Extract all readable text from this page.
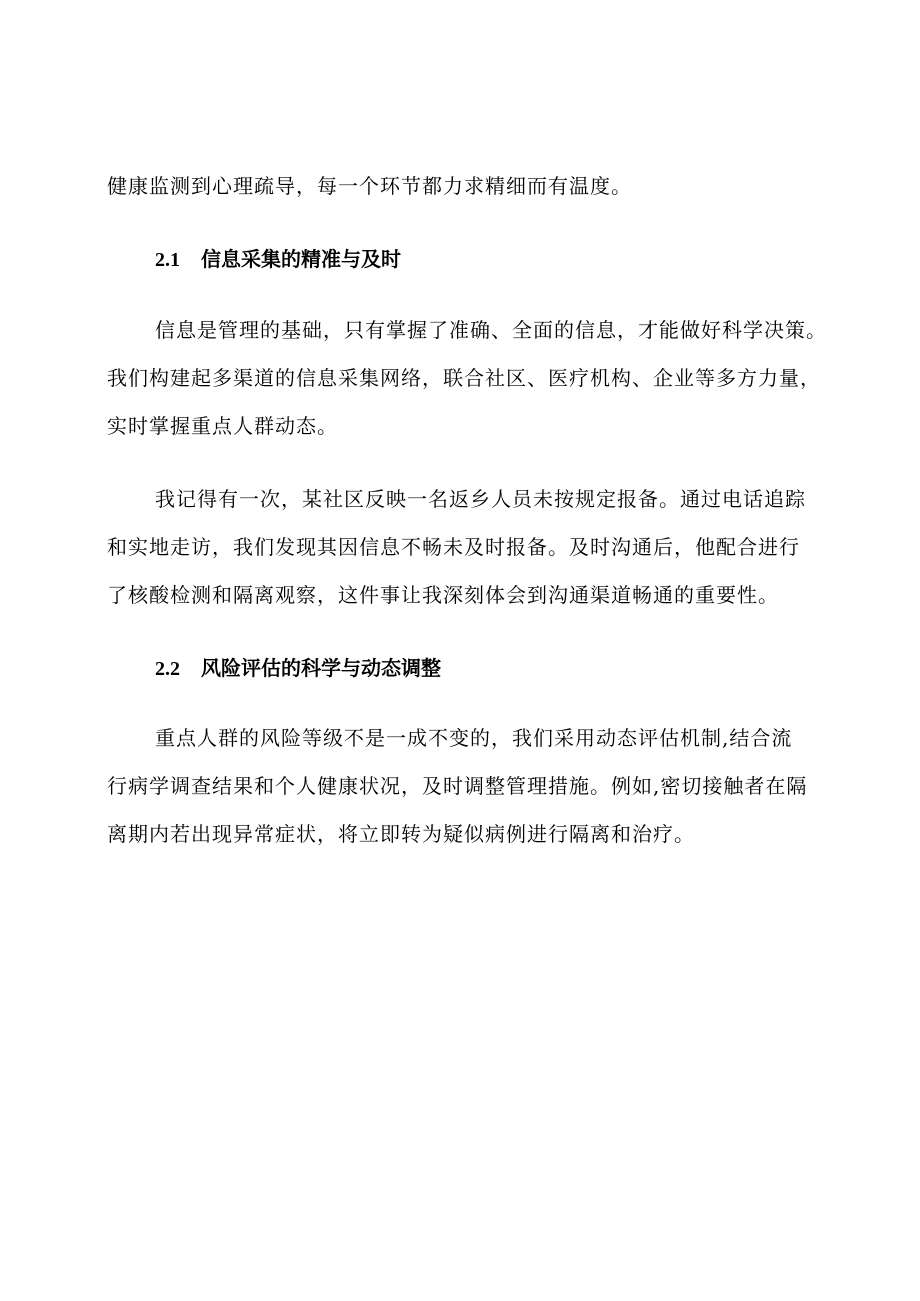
健康监测到心理疏导，每一个环节都力求精细而有温度。
2.1 信息采集的精准与及时
信息是管理的基础，只有掌握了准确、全面的信息，才能做好科学决策。
我们构建起多渠道的信息采集网络，联合社区、医疗机构、企业等多方力量，
实时掌握重点人群动态。
我记得有一次，某社区反映一名返乡人员未按规定报备。通过电话追踪
和实地走访，我们发现其因信息不畅未及时报备。及时沟通后，他配合进行
了核酸检测和隔离观察，这件事让我深刻体会到沟通渠道畅通的重要性。
2.2 风险评估的科学与动态调整
重点人群的风险等级不是一成不变的，我们采用动态评估机制,结合流
行病学调查结果和个人健康状况，及时调整管理措施。例如,密切接触者在隔
离期内若出现异常症状，将立即转为疑似病例进行隔离和治疗。
